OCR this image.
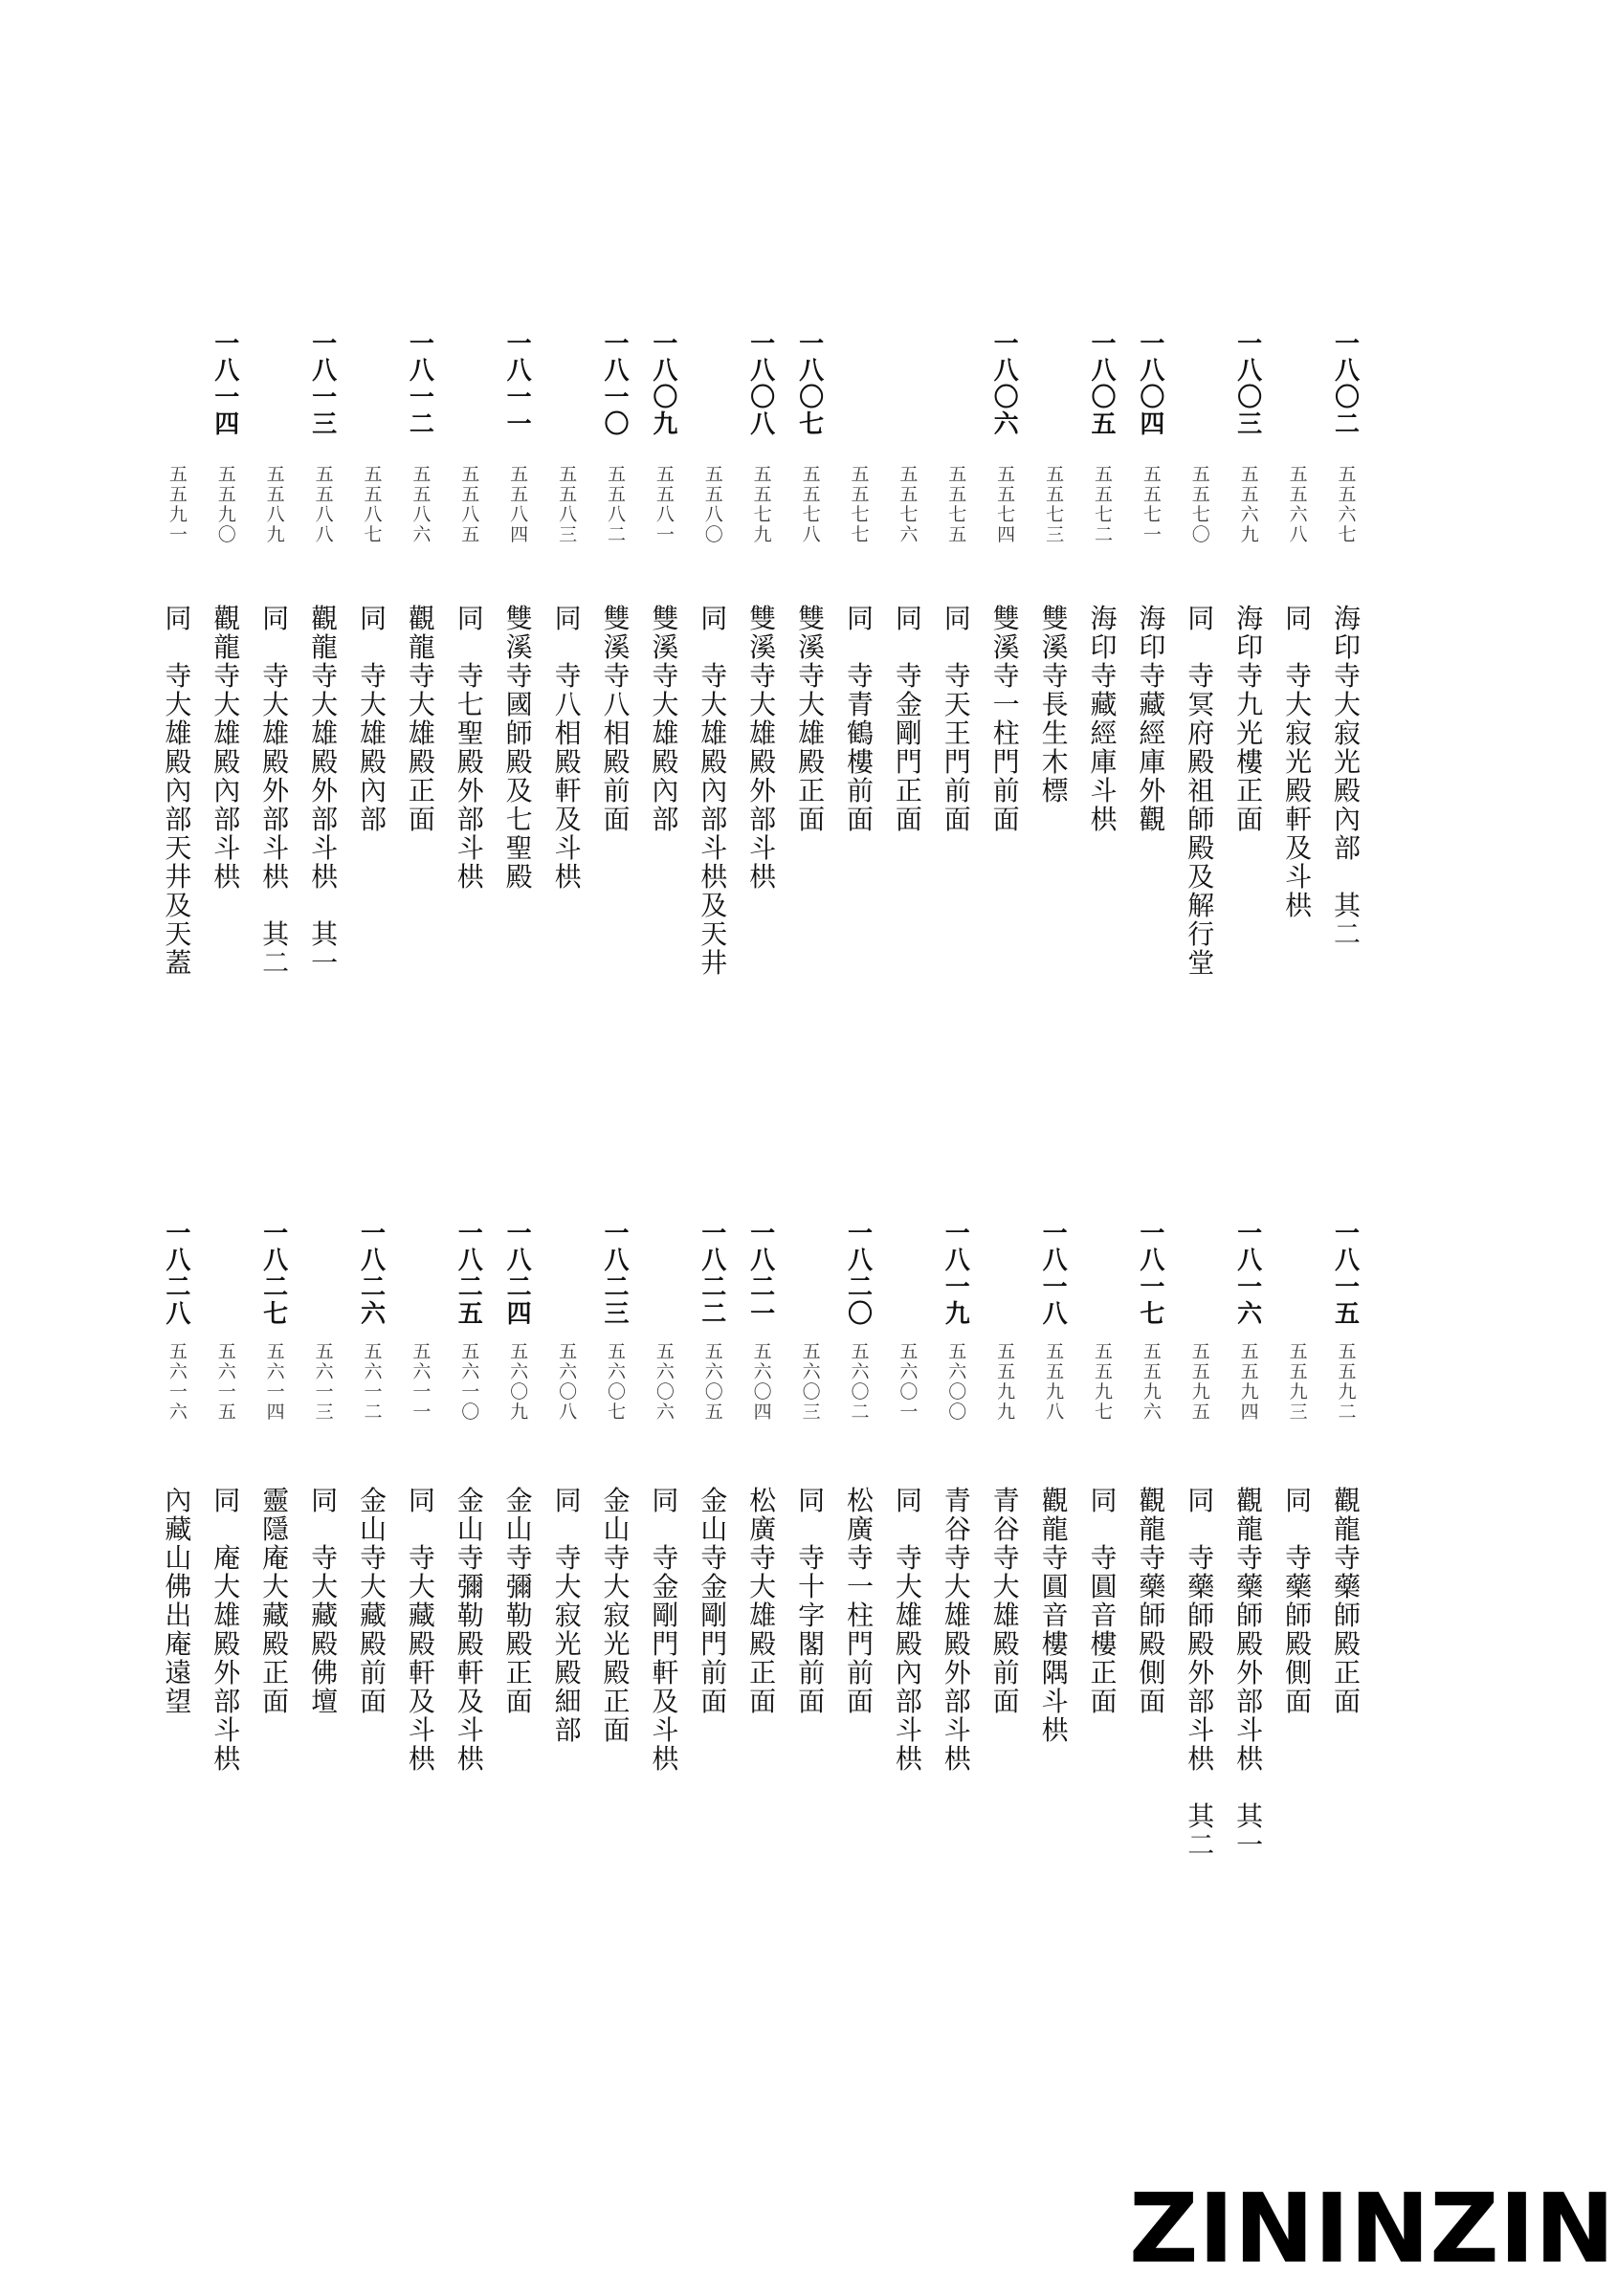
一八〇二
五五六七
海印寺大寂光殿內部　其二
五五六八
同　寺大寂光殿軒及斗栱
一八〇三
五五六九
海印寺九光樓正面
五五七〇
同　寺冥府殿祖師殿及解行堂
一八〇四
五五七一
海印寺藏經庫外觀
一八〇五
五五七二
海印寺藏經庫斗栱
五五七三
雙溪寺長生木標
一八〇六
五五七四
雙溪寺一柱門前面
五五七五
同　寺天王門前面
五五七六
同　寺金剛門正面
五五七七
同　寺青鶴樓前面
一八〇七
五五七八
雙溪寺大雄殿正面
一八〇八
五五七九
雙溪寺大雄殿外部斗栱
五五八〇
同　寺大雄殿內部斗栱及天井
一八〇九
五五八一
雙溪寺大雄殿內部
一八一〇
五五八二
雙溪寺八相殿前面
五五八三
同　寺八相殿軒及斗栱
一八一一
五五八四
雙溪寺國師殿及七聖殿
五五八五
同　寺七聖殿外部斗栱
一八一二
五五八六
觀龍寺大雄殿正面
五五八七
同　寺大雄殿內部
一八一三
五五八八
觀龍寺大雄殿外部斗栱　其一
五五八九
同　寺大雄殿外部斗栱　其二
一八一四
五五九〇
觀龍寺大雄殿內部斗栱
五五九一
同　寺大雄殿內部天井及天蓋
一八一五
五五九二
觀龍寺藥師殿正面
五五九三
同　寺藥師殿側面
一八一六
五五九四
觀龍寺藥師殿外部斗栱　其一
五五九五
同　寺藥師殿外部斗栱　其二
一八一七
五五九六
觀龍寺藥師殿側面
五五九七
同　寺圓音樓正面
一八一八
五五九八
觀龍寺圓音樓隅斗栱
五五九九
青谷寺大雄殿前面
一八一九
五六〇〇
青谷寺大雄殿外部斗栱
五六〇一
同　寺大雄殿內部斗栱
一八二〇
五六〇二
松廣寺一柱門前面
五六〇三
同　寺十字閣前面
一八二一
五六〇四
松廣寺大雄殿正面
一八二二
五六〇五
金山寺金剛門前面
五六〇六
同　寺金剛門軒及斗栱
一八二三
五六〇七
金山寺大寂光殿正面
五六〇八
同　寺大寂光殿細部
一八二四
五六〇九
金山寺彌勒殿正面
一八二五
五六一〇
金山寺彌勒殿軒及斗栱
五六一一
同　寺大藏殿軒及斗栱
一八二六
五六一二
金山寺大藏殿前面
五六一三
同　寺大藏殿佛壇
一八二七
五六一四
靈隱庵大藏殿正面
五六一五
同　庵大雄殿外部斗栱
一八二八
五六一六
內藏山佛出庵遠望
ZININZIN
